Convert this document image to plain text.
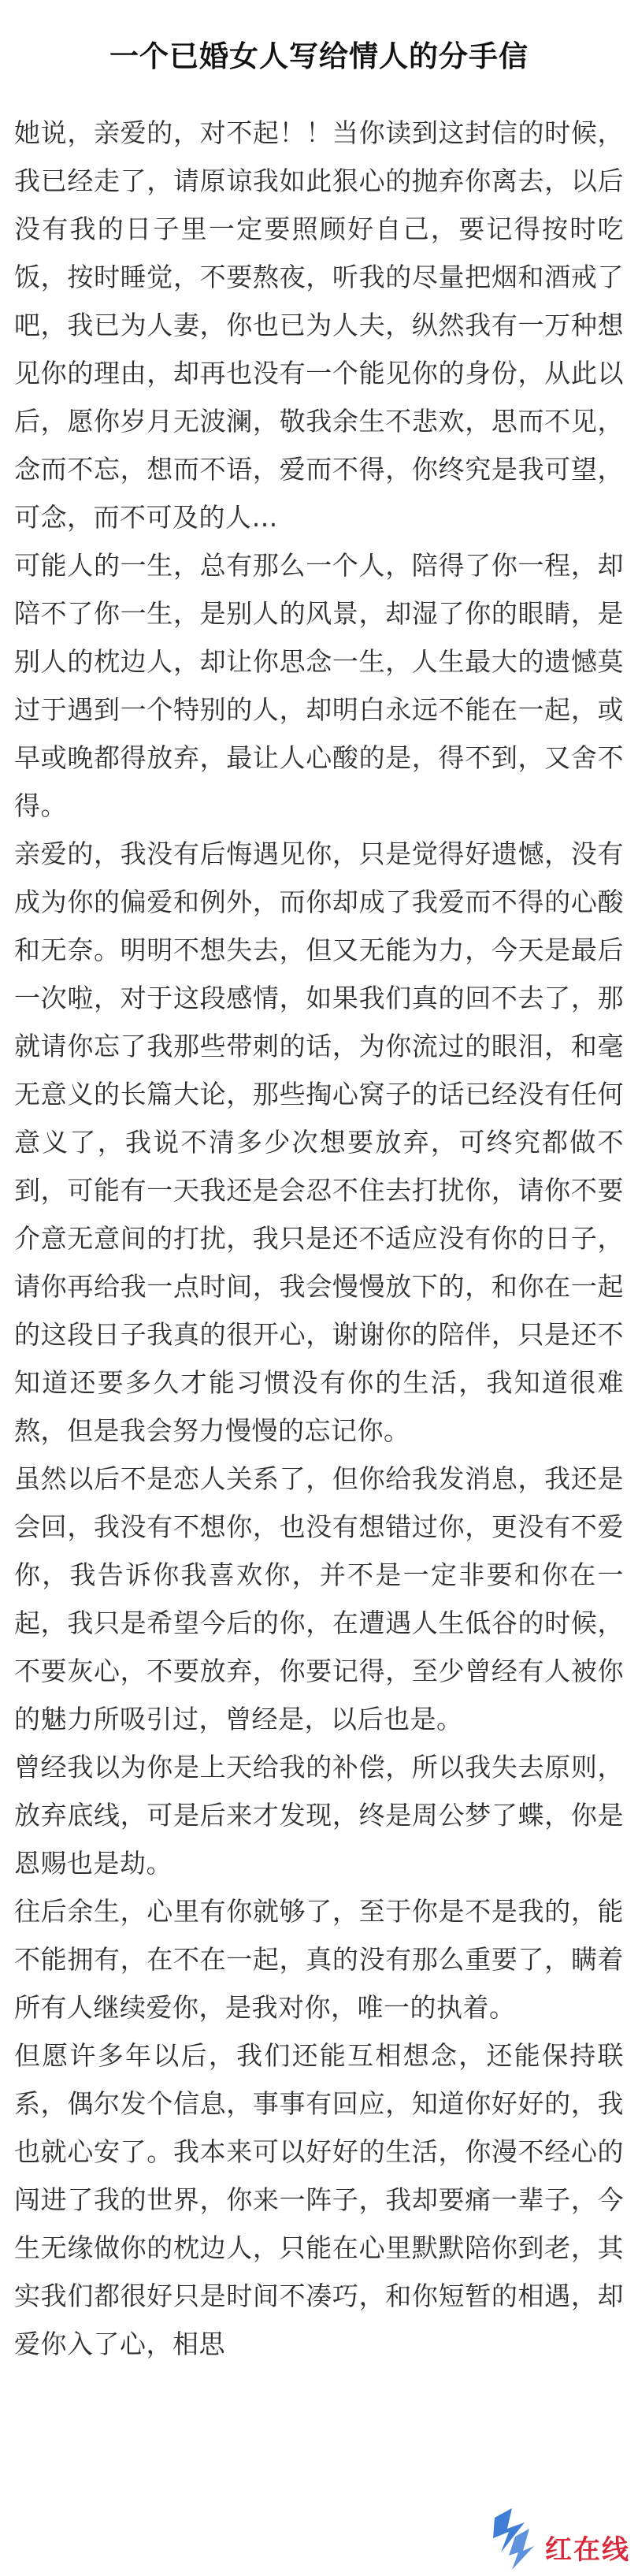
一个已婚女人写给情人的分手信

她说，亲爱的，对不起！！当你读到这封信的时候，我已经走了，请原谅我如此狠心的抛弃你离去，以后没有我的日子里一定要照顾好自己，要记得按时吃饭，按时睡觉，不要熬夜，听我的尽量把烟和酒戒了吧，我已为人妻，你也已为人夫，纵然我有一万种想见你的理由，却再也没有一个能见你的身份，从此以后，愿你岁月无波澜，敬我余生不悲欢，思而不见，念而不忘，想而不语，爱而不得，你终究是我可望，可念，而不可及的人…

可能人的一生，总有那么一个人，陪得了你一程，却陪不了你一生，是别人的风景，却湿了你的眼睛，是别人的枕边人，却让你思念一生，人生最大的遗憾莫过于遇到一个特别的人，却明白永远不能在一起，或早或晚都得放弃，最让人心酸的是，得不到，又舍不得。

亲爱的，我没有后悔遇见你，只是觉得好遗憾，没有成为你的偏爱和例外，而你却成了我爱而不得的心酸和无奈。明明不想失去，但又无能为力，今天是最后一次啦，对于这段感情，如果我们真的回不去了，那就请你忘了我那些带刺的话，为你流过的眼泪，和毫无意义的长篇大论，那些掏心窝子的话已经没有任何意义了，我说不清多少次想要放弃，可终究都做不到，可能有一天我还是会忍不住去打扰你，请你不要介意无意间的打扰，我只是还不适应没有你的日子，请你再给我一点时间，我会慢慢放下的，和你在一起的这段日子我真的很开心，谢谢你的陪伴，只是还不知道还要多久才能习惯没有你的生活，我知道很难熬，但是我会努力慢慢的忘记你。

虽然以后不是恋人关系了，但你给我发消息，我还是会回，我没有不想你，也没有想错过你，更没有不爱你，我告诉你我喜欢你，并不是一定非要和你在一起，我只是希望今后的你，在遭遇人生低谷的时候，不要灰心，不要放弃，你要记得，至少曾经有人被你的魅力所吸引过，曾经是，以后也是。

曾经我以为你是上天给我的补偿，所以我失去原则，放弃底线，可是后来才发现，终是周公梦了蝶，你是恩赐也是劫。

往后余生，心里有你就够了，至于你是不是我的，能不能拥有，在不在一起，真的没有那么重要了，瞒着所有人继续爱你，是我对你，唯一的执着。

但愿许多年以后，我们还能互相想念，还能保持联系，偶尔发个信息，事事有回应，知道你好好的，我也就心安了。我本来可以好好的生活，你漫不经心的闯进了我的世界，你来一阵子，我却要痛一辈子，今生无缘做你的枕边人，只能在心里默默陪你到老，其实我们都很好只是时间不凑巧，和你短暂的相遇，却爱你入了心，相思

红在线
